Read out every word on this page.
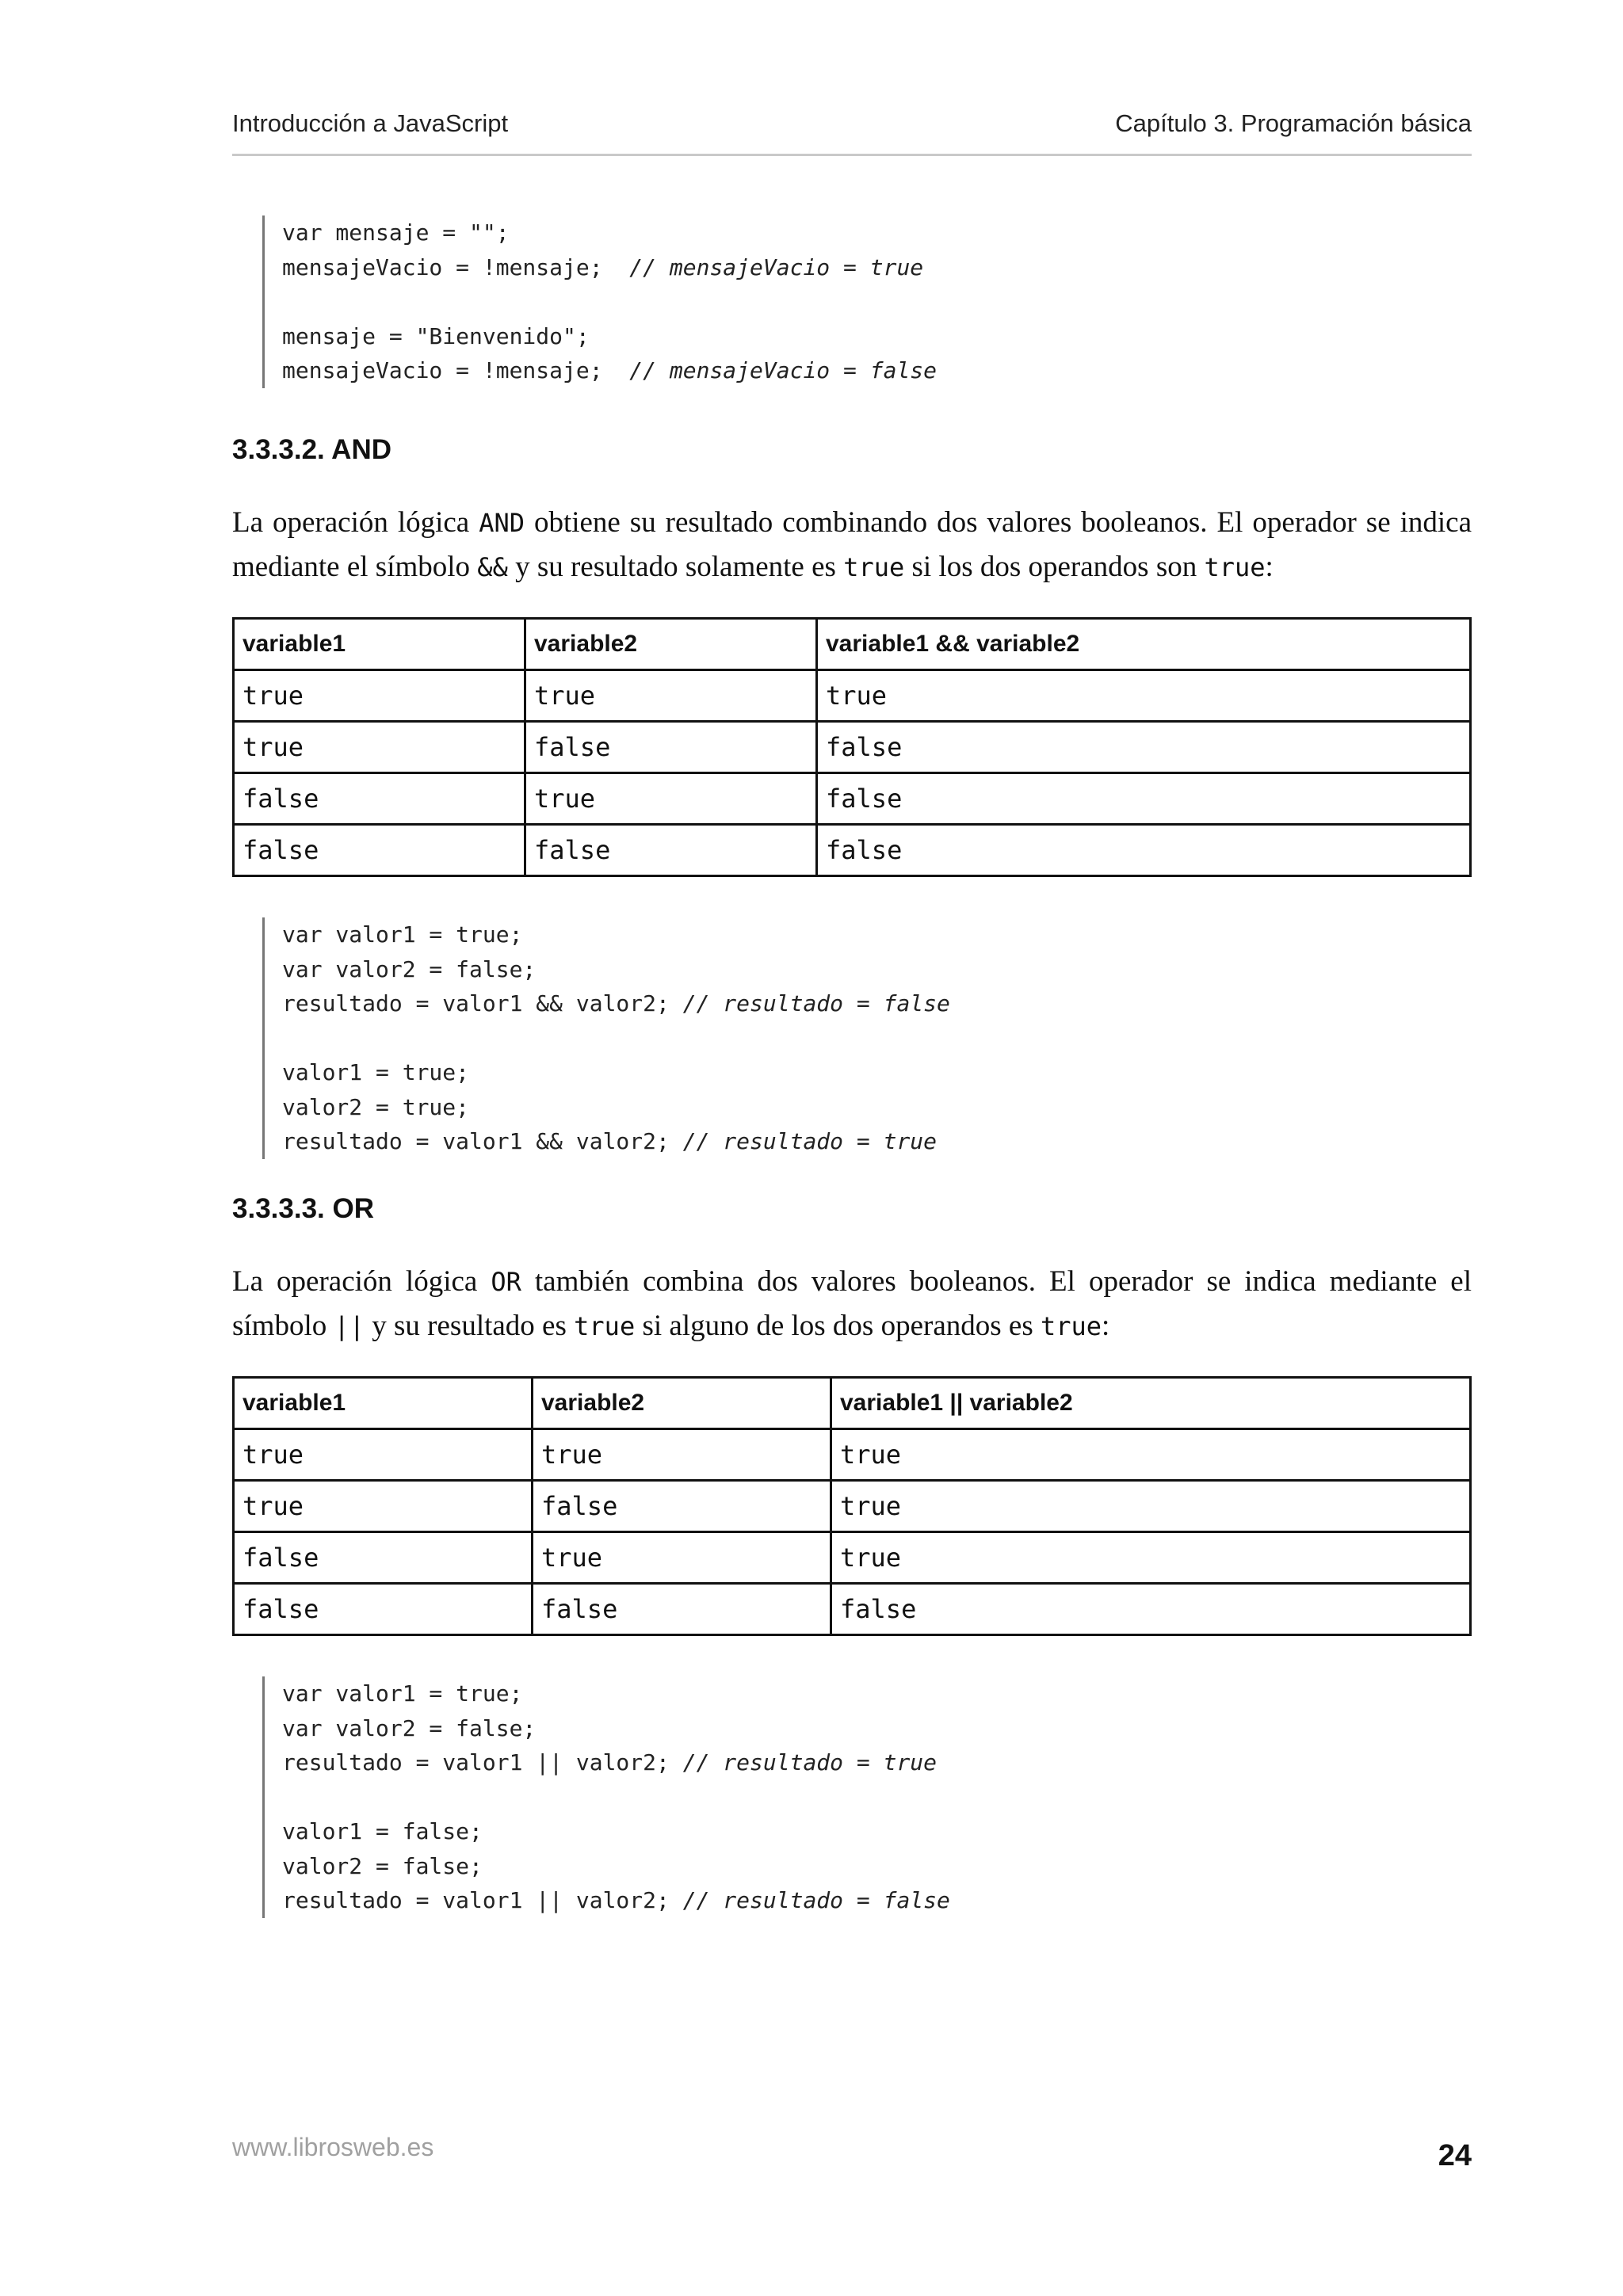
Introducción a JavaScript	Capítulo 3. Programación básica
var mensaje = "";
mensajeVacio = !mensaje;  // mensajeVacio = true
mensaje = "Bienvenido";
mensajeVacio = !mensaje;  // mensajeVacio = false
3.3.3.2. AND
La operación lógica AND obtiene su resultado combinando dos valores booleanos. El operador se indica mediante el símbolo && y su resultado solamente es true si los dos operandos son true:
variable1	variable2	variable1 && variable2
true	true	true
true	false	false
false	true	false
false	false	false
var valor1 = true;
var valor2 = false;
resultado = valor1 && valor2; // resultado = false
valor1 = true;
valor2 = true;
resultado = valor1 && valor2; // resultado = true
3.3.3.3. OR
La operación lógica OR también combina dos valores booleanos. El operador se indica mediante el símbolo || y su resultado es true si alguno de los dos operandos es true:
variable1	variable2	variable1 || variable2
true	true	true
true	false	true
false	true	true
false	false	false
var valor1 = true;
var valor2 = false;
resultado = valor1 || valor2; // resultado = true
valor1 = false;
valor2 = false;
resultado = valor1 || valor2; // resultado = false
www.librosweb.es	24
